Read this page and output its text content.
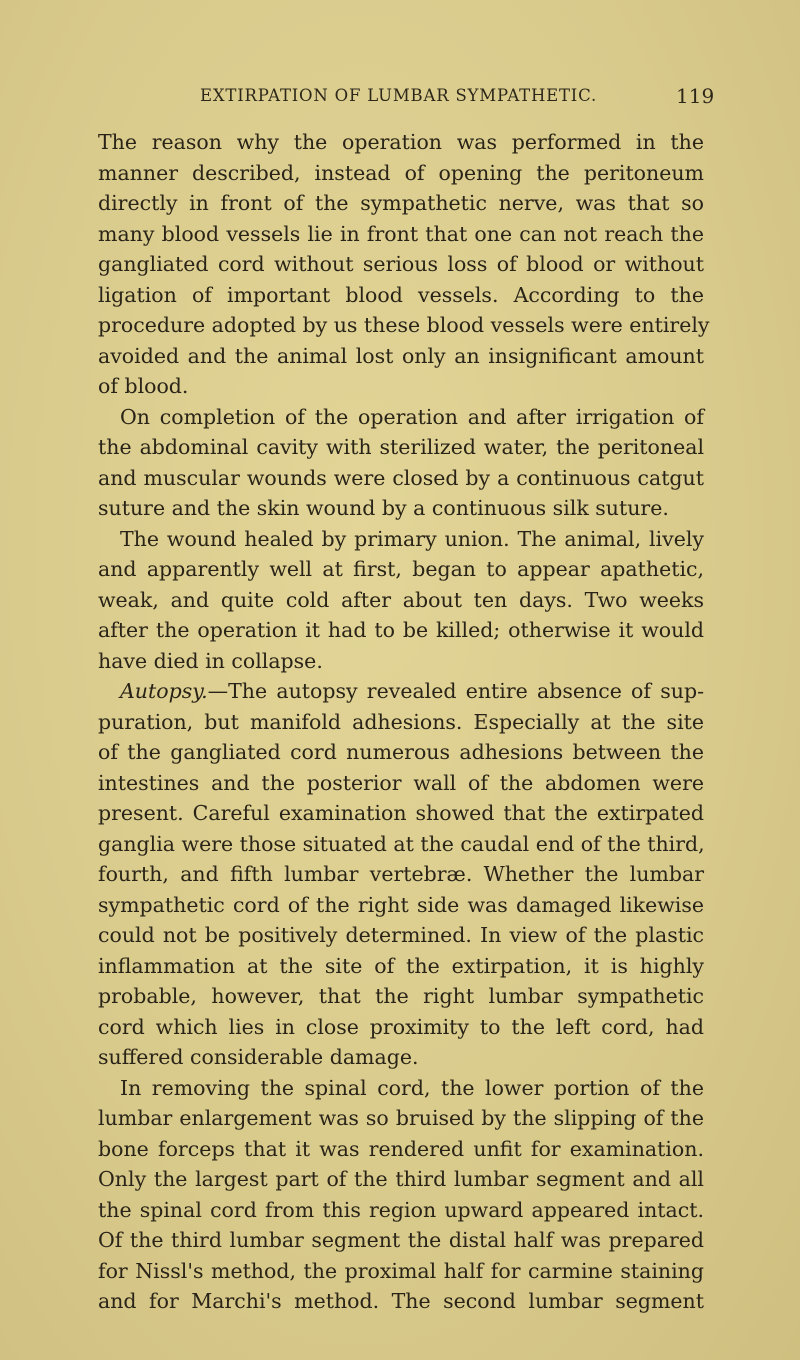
EXTIRPATION OF LUMBAR SYMPATHETIC.	119
The reason why the operation was performed in the
manner described, instead of opening the peritoneum
directly in front of the sympathetic nerve, was that so
many blood vessels lie in front that one can not reach the
gangliated cord without serious loss of blood or without
ligation of important blood vessels. According to the
procedure adopted by us these blood vessels were entirely
avoided and the animal lost only an insignificant amount
of blood.
On completion of the operation and after irrigation of
the abdominal cavity with sterilized water, the peritoneal
and muscular wounds were closed by a continuous catgut
suture and the skin wound by a continuous silk suture.
The wound healed by primary union. The animal, lively
and apparently well at first, began to appear apathetic,
weak, and quite cold after about ten days. Two weeks
after the operation it had to be killed; otherwise it would
have died in collapse.
Autopsy.—The autopsy revealed entire absence of sup-
puration, but manifold adhesions. Especially at the site
of the gangliated cord numerous adhesions between the
intestines and the posterior wall of the abdomen were
present. Careful examination showed that the extirpated
ganglia were those situated at the caudal end of the third,
fourth, and fifth lumbar vertebræ. Whether the lumbar
sympathetic cord of the right side was damaged likewise
could not be positively determined. In view of the plastic
inflammation at the site of the extirpation, it is highly
probable, however, that the right lumbar sympathetic
cord which lies in close proximity to the left cord, had
suffered considerable damage.
In removing the spinal cord, the lower portion of the
lumbar enlargement was so bruised by the slipping of the
bone forceps that it was rendered unfit for examination.
Only the largest part of the third lumbar segment and all
the spinal cord from this region upward appeared intact.
Of the third lumbar segment the distal half was prepared
for Nissl's method, the proximal half for carmine staining
and for Marchi's method. The second lumbar segment
